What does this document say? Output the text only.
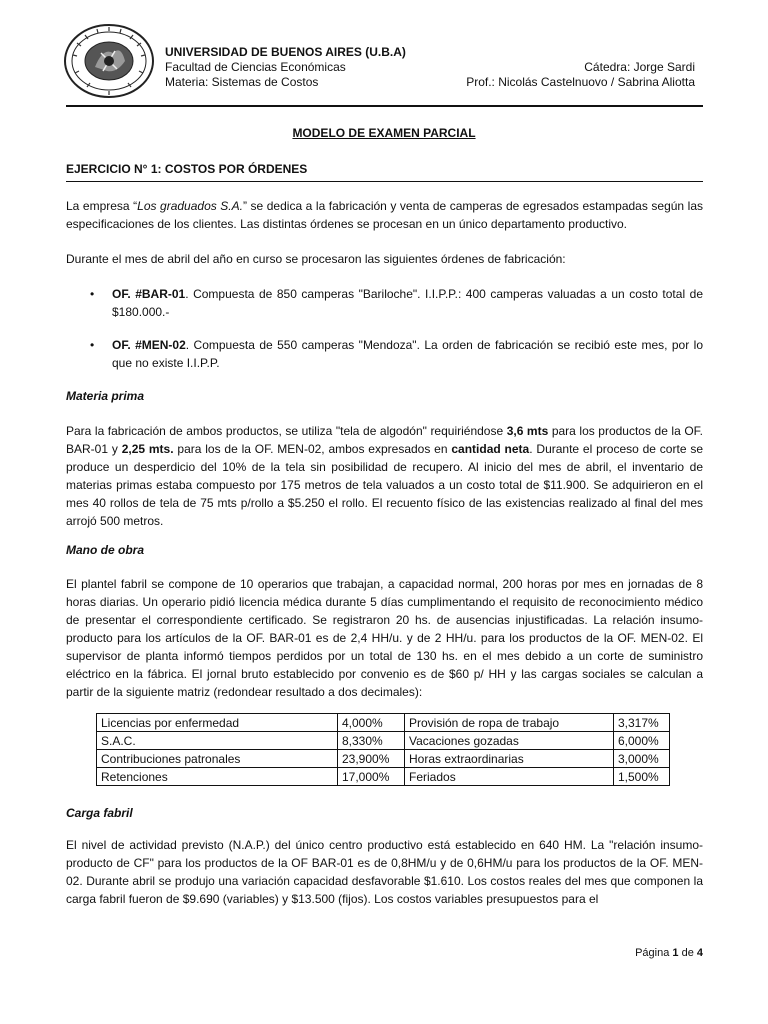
UNIVERSIDAD DE BUENOS AIRES (U.B.A)
Facultad de Ciencias Económicas
Materia: Sistemas de Costos
Cátedra: Jorge Sardi
Prof.: Nicolás Castelnuovo / Sabrina Aliotta
MODELO DE EXAMEN PARCIAL
EJERCICIO N° 1: COSTOS POR ÓRDENES

La empresa “Los graduados S.A.” se dedica a la fabricación y venta de camperas de egresados estampadas según las especificaciones de los clientes. Las distintas órdenes se procesan en un único departamento productivo.

Durante el mes de abril del año en curso se procesaron las siguientes órdenes de fabricación:

• OF. #BAR-01. Compuesta de 850 camperas "Bariloche". I.I.P.P.: 400 camperas valuadas a un costo total de $180.000.-

• OF. #MEN-02. Compuesta de 550 camperas "Mendoza". La orden de fabricación se recibió este mes, por lo que no existe I.I.P.P.

Materia prima

Para la fabricación de ambos productos, se utiliza "tela de algodón" requiriéndose 3,6 mts para los productos de la OF. BAR-01 y 2,25 mts. para los de la OF. MEN-02, ambos expresados en cantidad neta. Durante el proceso de corte se produce un desperdicio del 10% de la tela sin posibilidad de recupero. Al inicio del mes de abril, el inventario de materias primas estaba compuesto por 175 metros de tela valuados a un costo total de $11.900. Se adquirieron en el mes 40 rollos de tela de 75 mts p/rollo a $5.250 el rollo. El recuento físico de las existencias realizado al final del mes arrojó 500 metros.

Mano de obra

El plantel fabril se compone de 10 operarios que trabajan, a capacidad normal, 200 horas por mes en jornadas de 8 horas diarias. Un operario pidió licencia médica durante 5 días cumplimentando el requisito de reconocimiento médico de presentar el correspondiente certificado. Se registraron 20 hs. de ausencias injustificadas. La relación insumo-producto para los artículos de la OF. BAR-01 es de 2,4 HH/u. y de 2 HH/u. para los productos de la OF. MEN-02. El supervisor de planta informó tiempos perdidos por un total de 130 hs. en el mes debido a un corte de suministro eléctrico en la fábrica. El jornal bruto establecido por convenio es de $60 p/ HH y las cargas sociales se calculan a partir de la siguiente matriz (redondear resultado a dos decimales):

Licencias por enfermedad	4,000%	Provisión de ropa de trabajo	3,317%
S.A.C.	8,330%	Vacaciones gozadas	6,000%
Contribuciones patronales	23,900%	Horas extraordinarias	3,000%
Retenciones	17,000%	Feriados	1,500%
Carga fabril

El nivel de actividad previsto (N.A.P.) del único centro productivo está establecido en 640 HM. La "relación insumo-producto de CF" para los productos de la OF BAR-01 es de 0,8HM/u y de 0,6HM/u para los productos de la OF. MEN-02. Durante abril se produjo una variación capacidad desfavorable $1.610. Los costos reales del mes que componen la carga fabril fueron de $9.690 (variables) y $13.500 (fijos). Los costos variables presupuestos para el

Página 1 de 4
